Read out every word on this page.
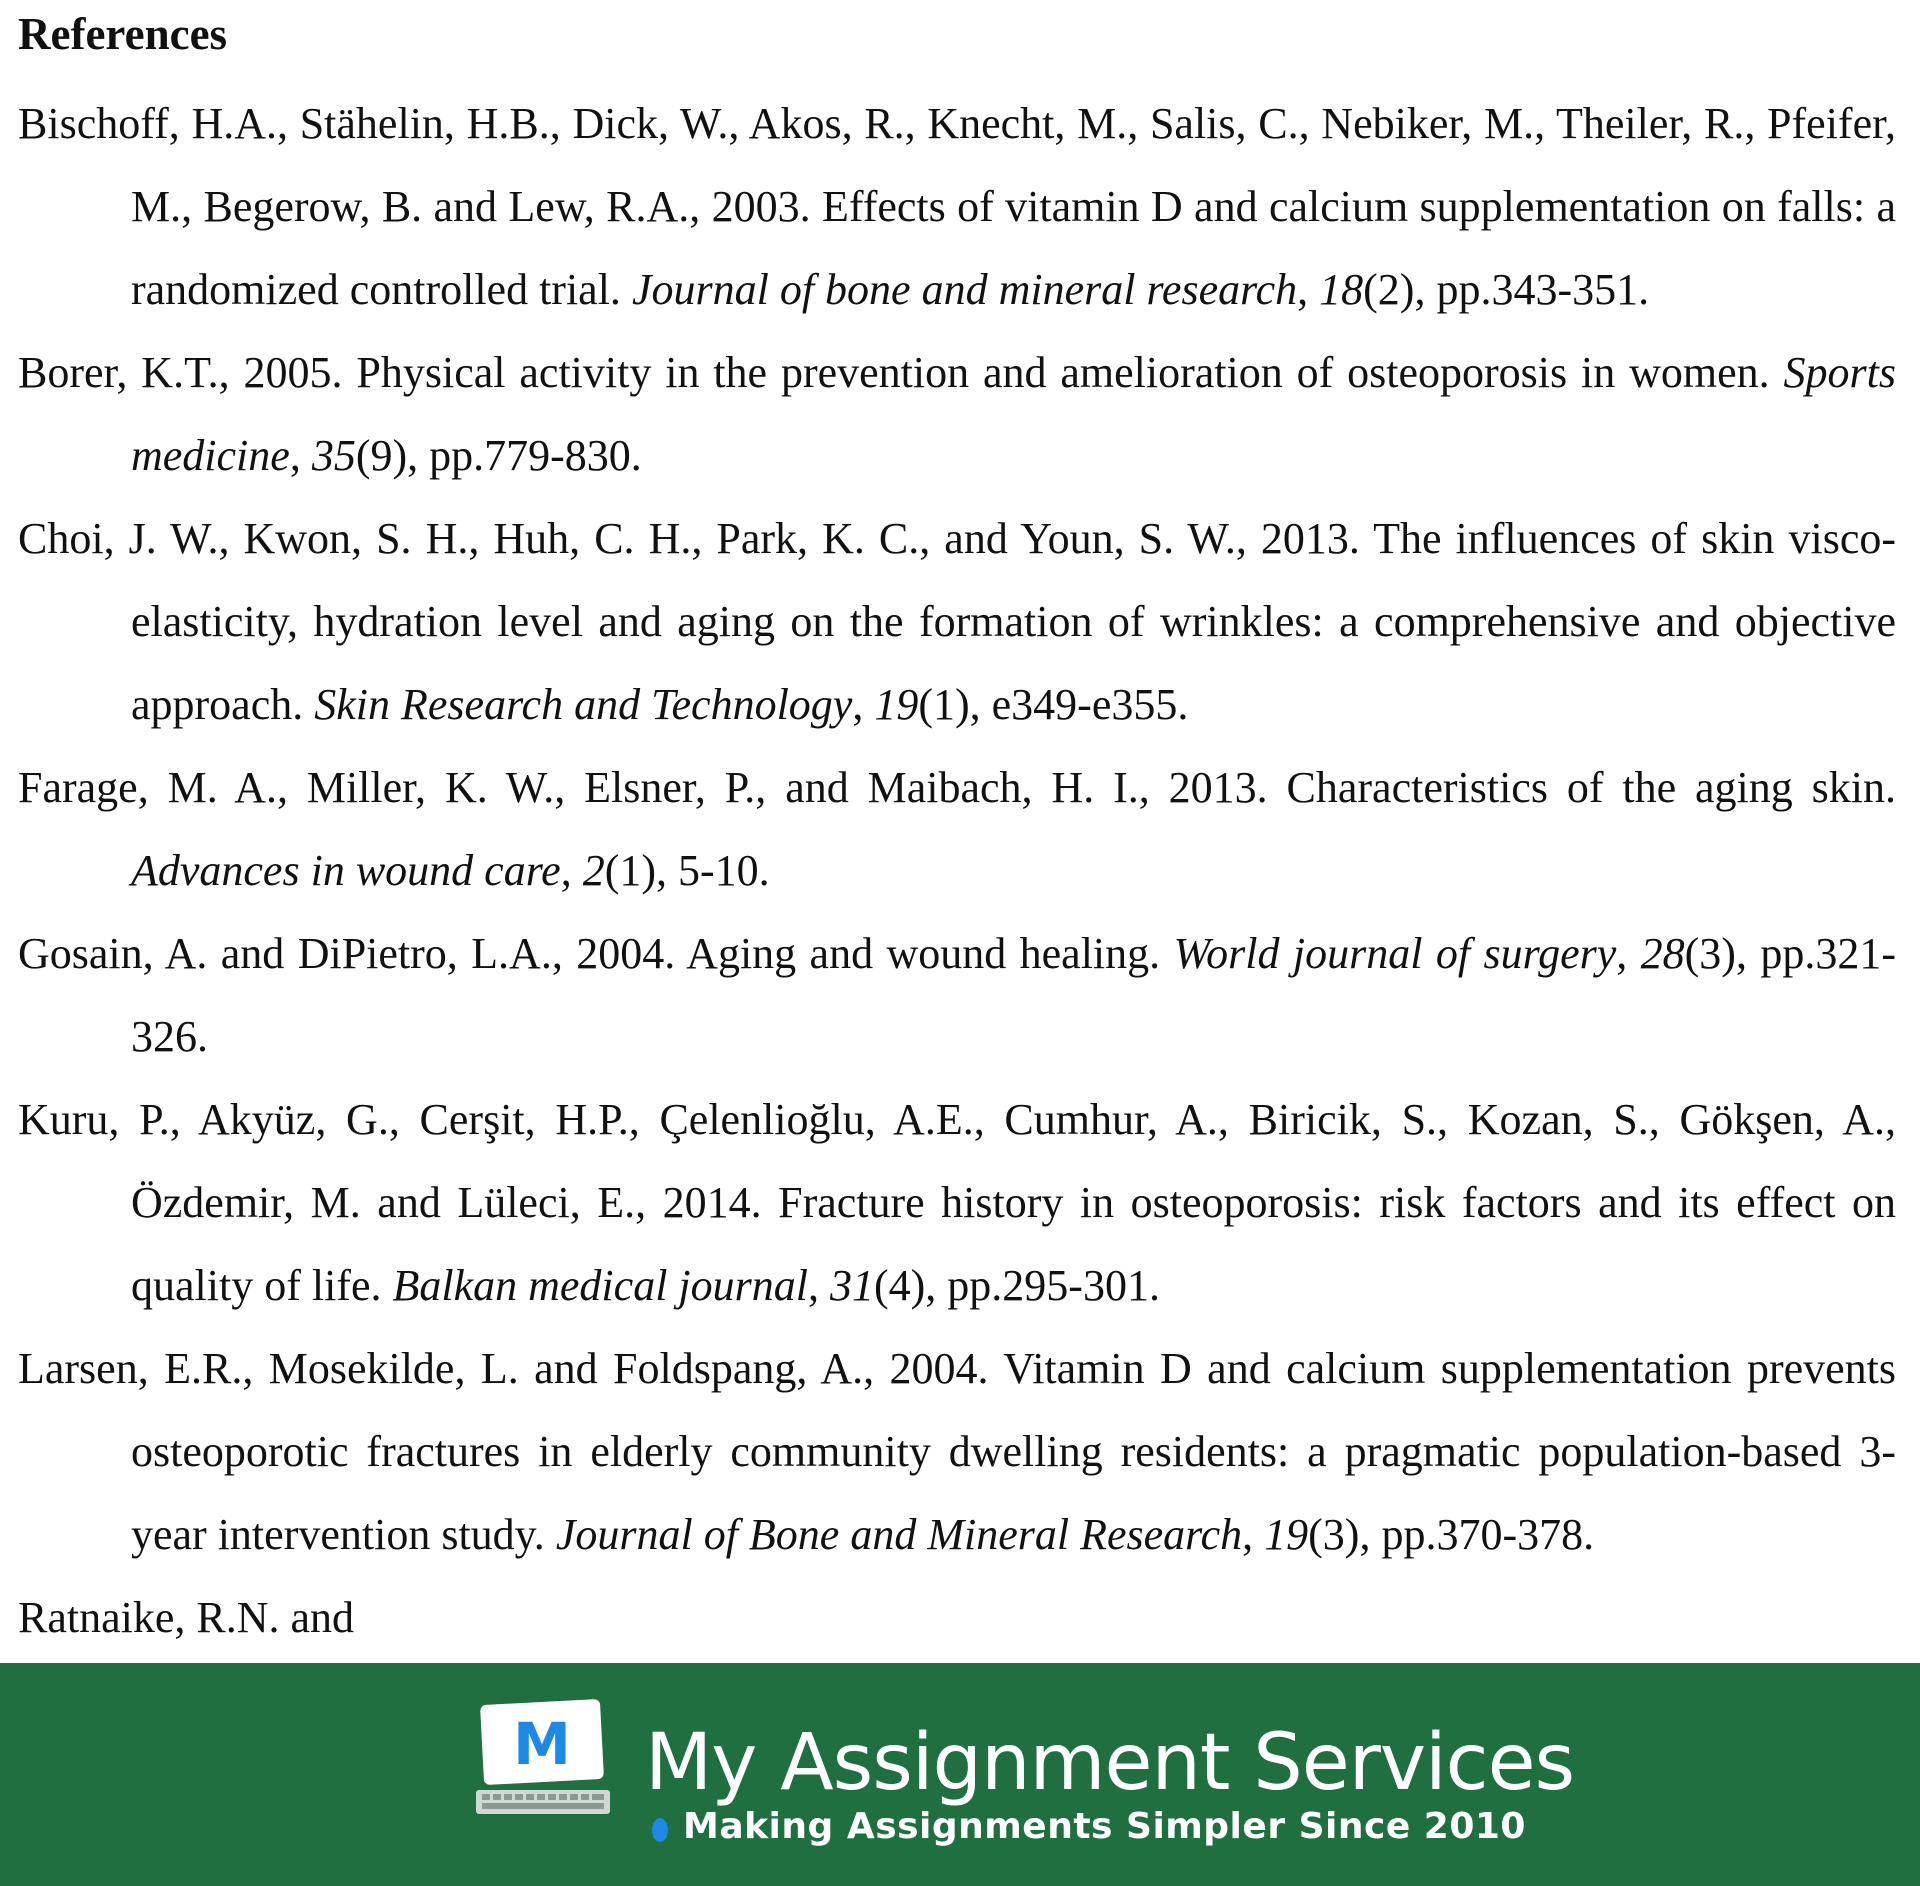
References

Bischoff, H.A., Stähelin, H.B., Dick, W., Akos, R., Knecht, M., Salis, C., Nebiker, M., Theiler, R., Pfeifer, M., Begerow, B. and Lew, R.A., 2003. Effects of vitamin D and calcium supplementation on falls: a randomized controlled trial. Journal of bone and mineral research, 18(2), pp.343-351.

Borer, K.T., 2005. Physical activity in the prevention and amelioration of osteoporosis in women. Sports medicine, 35(9), pp.779-830.

Choi, J. W., Kwon, S. H., Huh, C. H., Park, K. C., and Youn, S. W., 2013. The influences of skin visco-elasticity, hydration level and aging on the formation of wrinkles: a comprehensive and objective approach. Skin Research and Technology, 19(1), e349-e355.

Farage, M. A., Miller, K. W., Elsner, P., and Maibach, H. I., 2013. Characteristics of the aging skin. Advances in wound care, 2(1), 5-10.

Gosain, A. and DiPietro, L.A., 2004. Aging and wound healing. World journal of surgery, 28(3), pp.321-326.

Kuru, P., Akyüz, G., Cerşit, H.P., Çelenlioğlu, A.E., Cumhur, A., Biricik, S., Kozan, S., Gökşen, A., Özdemir, M. and Lüleci, E., 2014. Fracture history in osteoporosis: risk factors and its effect on quality of life. Balkan medical journal, 31(4), pp.295-301.

Larsen, E.R., Mosekilde, L. and Foldspang, A., 2004. Vitamin D and calcium supplementation prevents osteoporotic fractures in elderly community dwelling residents: a pragmatic population-based 3-year intervention study. Journal of Bone and Mineral Research, 19(3), pp.370-378.

Ratnaike, R.N. and

M My Assignment Services
Making Assignments Simpler Since 2010
